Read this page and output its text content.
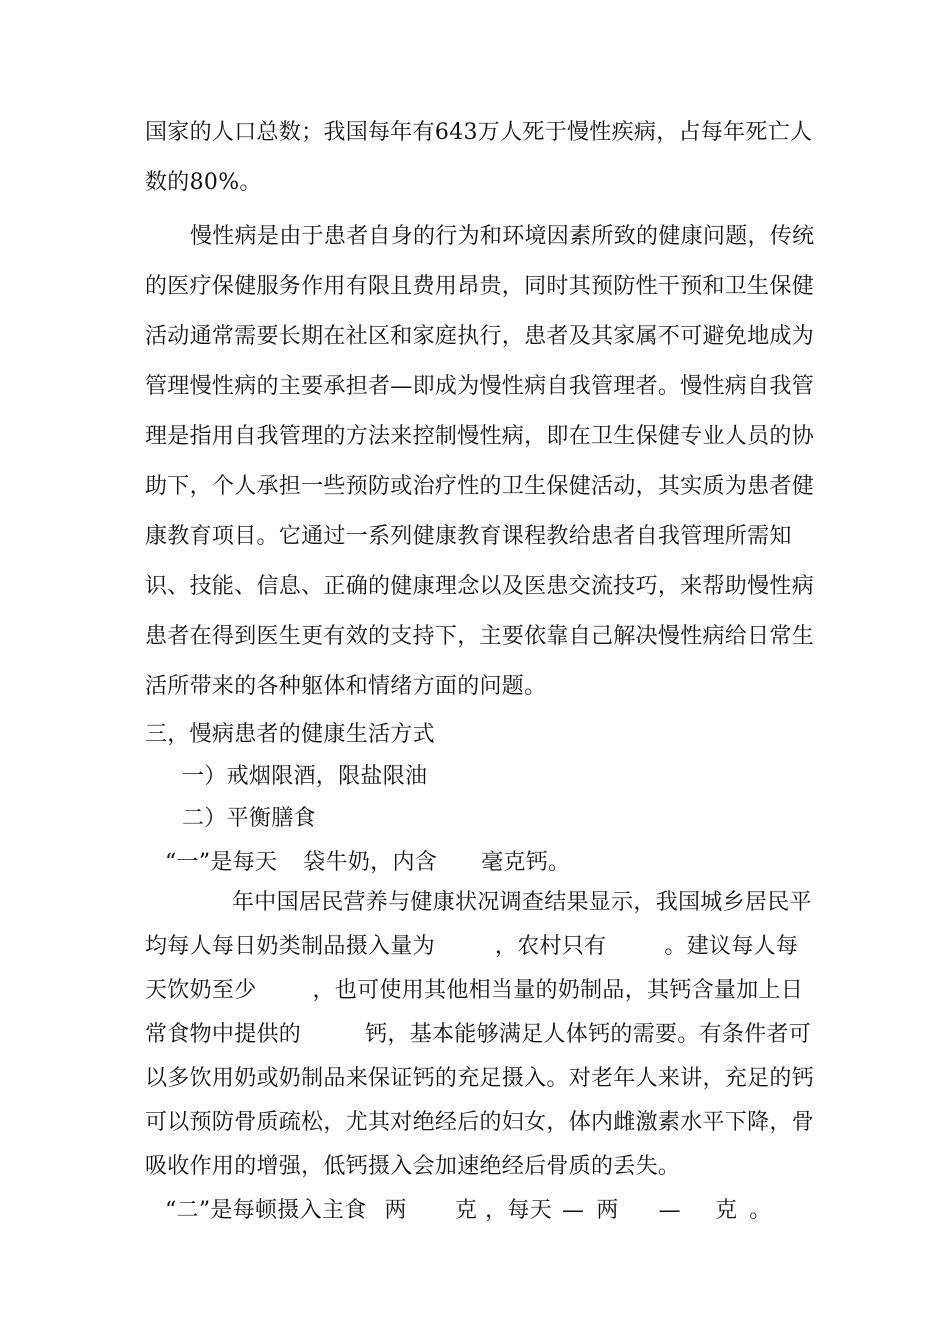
国家的人口总数；我国每年有643万人死于慢性疾病，占每年死亡人
数的80%。
慢性病是由于患者自身的行为和环境因素所致的健康问题，传统
的医疗保健服务作用有限且费用昂贵，同时其预防性干预和卫生保健
活动通常需要长期在社区和家庭执行，患者及其家属不可避免地成为
管理慢性病的主要承担者—即成为慢性病自我管理者。慢性病自我管
理是指用自我管理的方法来控制慢性病，即在卫生保健专业人员的协
助下，个人承担一些预防或治疗性的卫生保健活动，其实质为患者健
康教育项目。它通过一系列健康教育课程教给患者自我管理所需知
识、技能、信息、正确的健康理念以及医患交流技巧，来帮助慢性病
患者在得到医生更有效的支持下，主要依靠自己解决慢性病给日常生
活所带来的各种躯体和情绪方面的问题。
三，慢病患者的健康生活方式
一）戒烟限酒，限盐限油
二）平衡膳食
“一”是每天 袋牛奶，内含 毫克钙。
年中国居民营养与健康状况调查结果显示，我国城乡居民平
均每人每日奶类制品摄入量为	，农村只有	。建议每人每
天饮奶至少	，也可使用其他相当量的奶制品，其钙含量加上日
常食物中提供的	钙，基本能够满足人体钙的需要。有条件者可
以多饮用奶或奶制品来保证钙的充足摄入。对老年人来讲，充足的钙
可以预防骨质疏松，尤其对绝经后的妇女，体内雌激素水平下降，骨
吸收作用的增强，低钙摄入会加速绝经后骨质的丢失。
“二”是每顿摄入主食 两 克 ，每天 — 两 — 克 。
